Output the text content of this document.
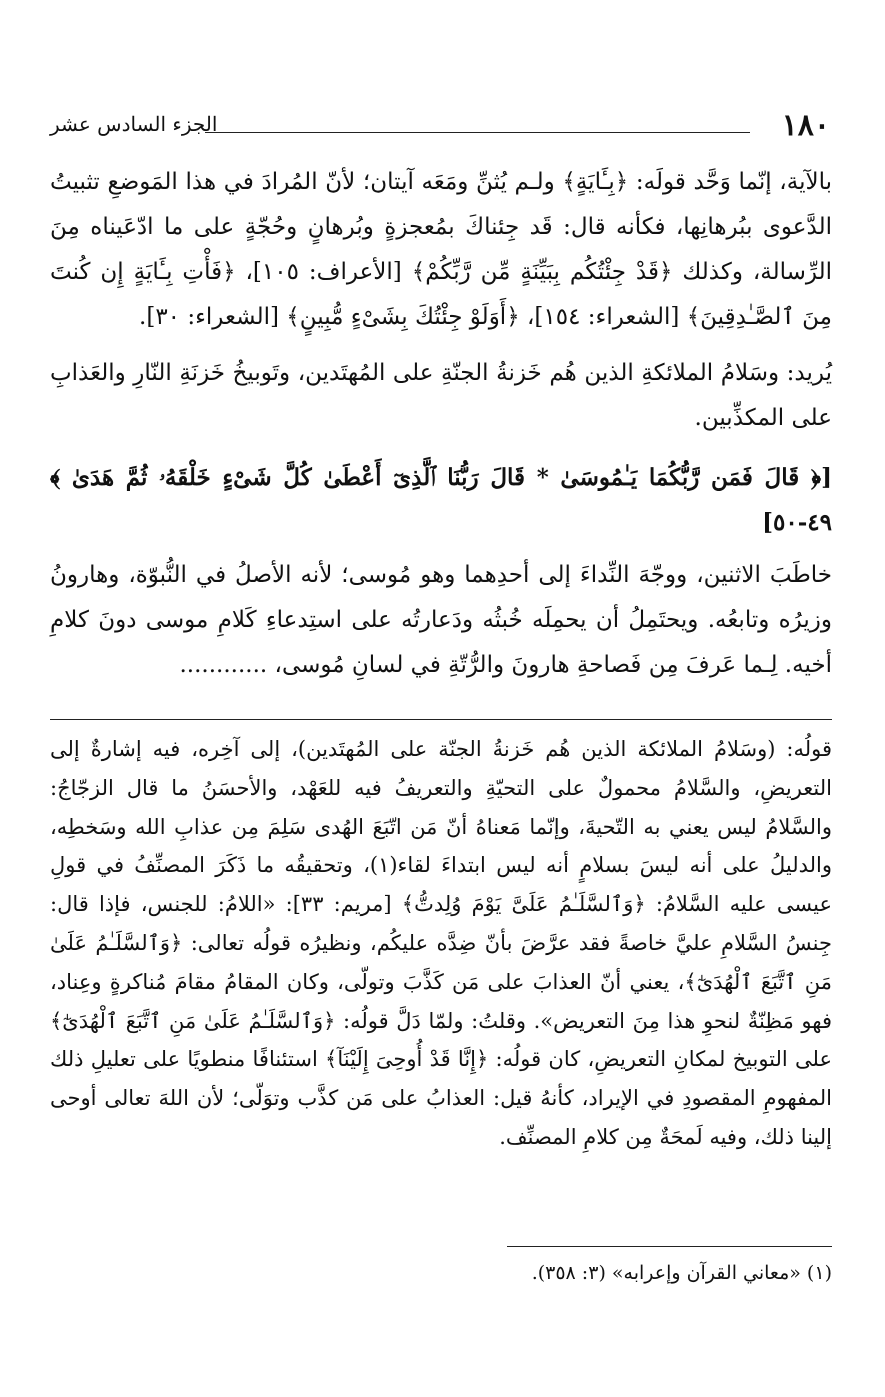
١٨٠
الجزء السادس عشر

بالآية، إنّما وَحَّد قولَه: ﴿بِـَٔايَةٍ﴾ ولـم يُثنِّ ومَعَه آيتان؛ لأنّ المُرادَ في هذا المَوضعِ تثبيتُ الدَّعوى ببُرهانِها، فكأنه قال: قَد جِئناكَ بمُعجزةٍ وبُرهانٍ وحُجّةٍ على ما ادّعَيناه مِنَ الرِّسالة، وكذلك ﴿قَدْ جِئْتُكُم بِبَيِّنَةٍ مِّن رَّبِّكُمْ﴾ [الأعراف: ١٠٥]، ﴿فَأْتِ بِـَٔايَةٍ إِن كُنتَ مِنَ ٱلصَّـٰدِقِينَ﴾ [الشعراء: ١٥٤]، ﴿أَوَلَوْ جِئْتُكَ بِشَىْءٍ مُّبِينٍ﴾ [الشعراء: ٣٠].

يُريد: وسَلامُ الملائكةِ الذين هُم خَزنةُ الجنّةِ على المُهتَدين، وتَوبيخُ خَزنَةِ النّارِ والعَذابِ على المكذِّبين.

[﴿ قَالَ فَمَن رَّبُّكُمَا يَـٰمُوسَىٰ * قَالَ رَبُّنَا ٱلَّذِىٓ أَعْطَىٰ كُلَّ شَىْءٍ خَلْقَهُۥ ثُمَّ هَدَىٰ ﴾ ٤٩-٥٠]

خاطَبَ الاثنين، ووجّهَ النِّداءَ إلى أحدِهما وهو مُوسى؛ لأنه الأصلُ في النُّبوّة، وهارونُ وزيرُه وتابعُه. ويحتَمِلُ أن يحمِلَه خُبثُه ودَعارتُه على استِدعاءِ كَلامِ موسى دونَ كلامِ أخيه. لِـما عَرفَ مِن فَصاحةِ هارونَ والرُّتّةِ في لسانِ مُوسى، ............

قولُه: (وسَلامُ الملائكة الذين هُم خَزنةُ الجنّة على المُهتَدين)، إلى آخِره، فيه إشارةٌ إلى التعريضِ، والسَّلامُ محمولٌ على التحيّةِ والتعريفُ فيه للعَهْد، والأحسَنُ ما قال الزجّاجُ: والسَّلامُ ليس يعني به التّحيةَ، وإنّما مَعناهُ أنّ مَن اتّبَعَ الهُدى سَلِمَ مِن عذابِ الله وسَخطِه، والدليلُ على أنه ليسَ بسلامٍ أنه ليس ابتداءَ لقاء(١)، وتحقيقُه ما ذَكَرَ المصنِّفُ في قولِ عيسى عليه السَّلامُ: ﴿وَٱلسَّلَـٰمُ عَلَىَّ يَوْمَ وُلِدتُّ﴾ [مريم: ٣٣]: «اللامُ: للجنس، فإذا قال: جِنسُ السَّلامِ عليَّ خاصةً فقد عرَّضَ بأنّ ضِدَّه عليكُم، ونظيرُه قولُه تعالى: ﴿وَٱلسَّلَـٰمُ عَلَىٰ مَنِ ٱتَّبَعَ ٱلْهُدَىٰٓ﴾، يعني أنّ العذابَ على مَن كَذَّبَ وتولّى، وكان المقامُ مقامَ مُناكرةٍ وعِناد، فهو مَظِنّةٌ لنحوِ هذا مِنَ التعريض». وقلتُ: ولمّا دَلَّ قولُه: ﴿وَٱلسَّلَـٰمُ عَلَىٰ مَنِ ٱتَّبَعَ ٱلْهُدَىٰٓ﴾ على التوبيخ لمكانِ التعريضِ، كان قولُه: ﴿إِنَّا قَدْ أُوحِىَ إِلَيْنَآ﴾ استئنافًا منطويًا على تعليلِ ذلك المفهومِ المقصودِ في الإيراد، كأنهُ قيل: العذابُ على مَن كذَّب وتوَلّى؛ لأن اللهَ تعالى أوحى إلينا ذلك، وفيه لَمحَةٌ مِن كلامِ المصنِّف.

(١) «معاني القرآن وإعرابه» (٣: ٣٥٨).
